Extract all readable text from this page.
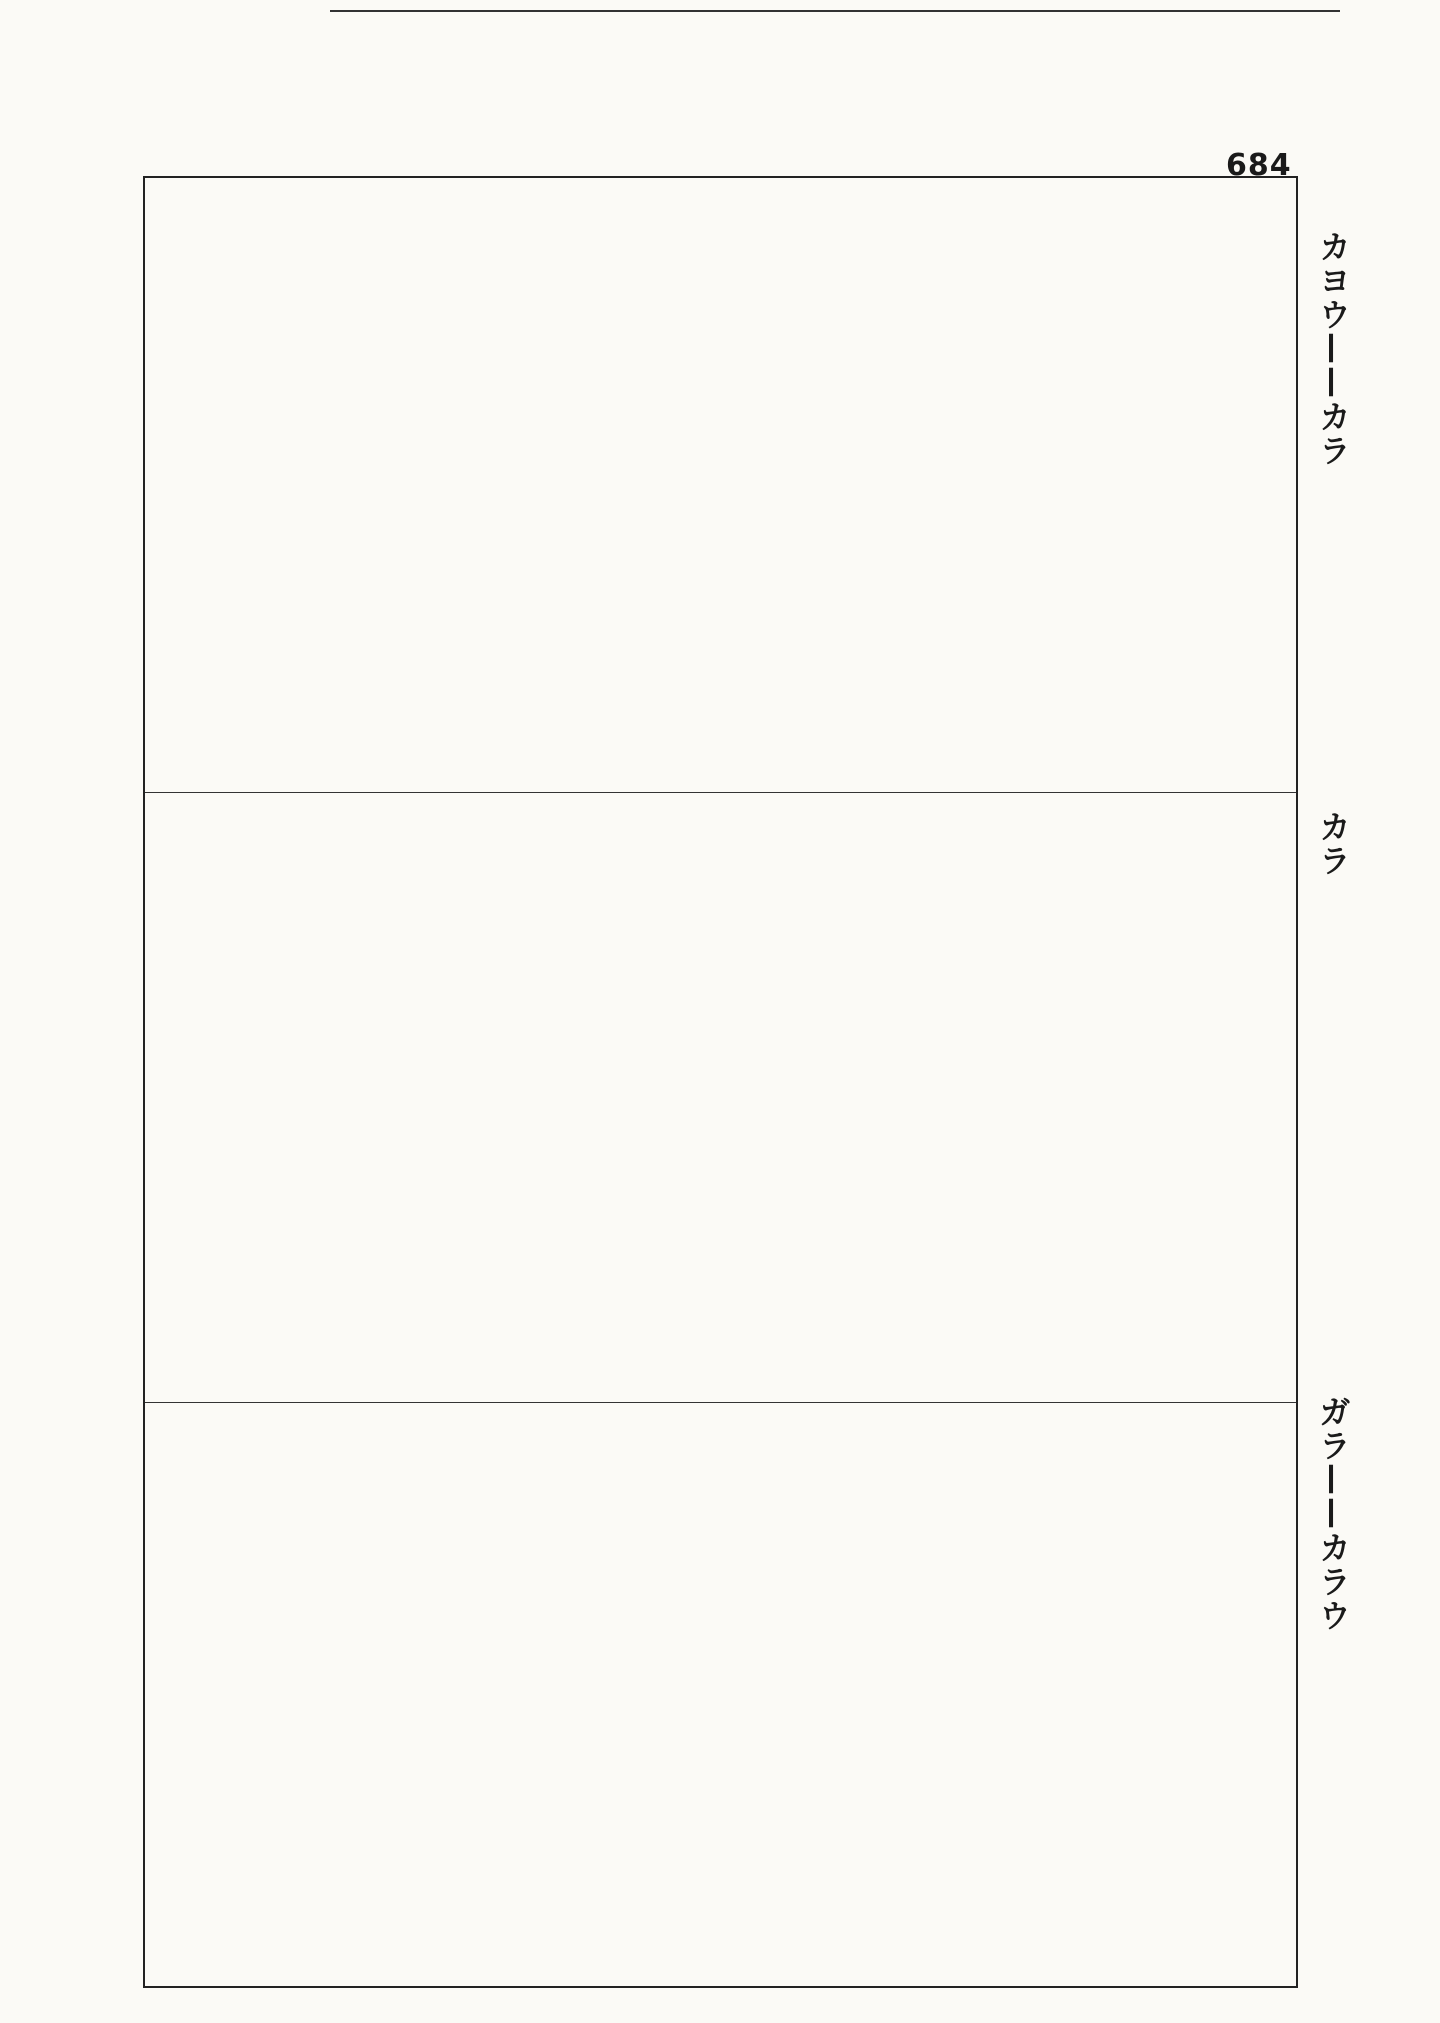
684
カヨウ——カラ
カラ
ガラ——カラウ
